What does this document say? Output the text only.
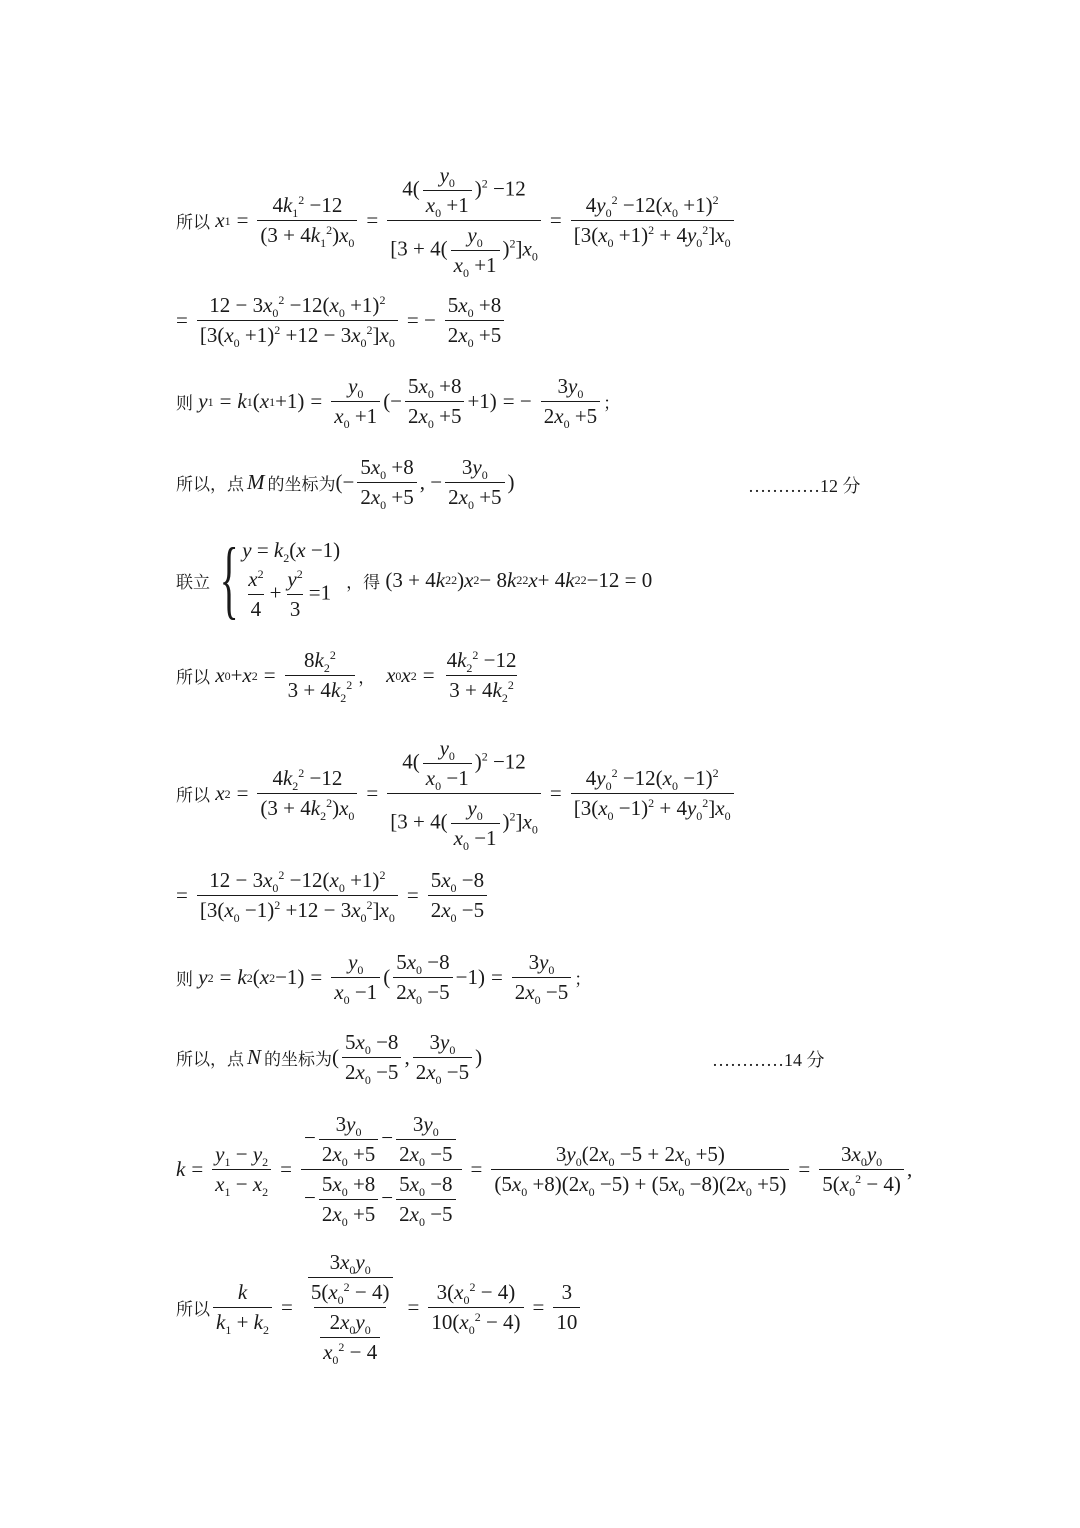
所以 x $1 = \frac{4k_1^2 -12}{(3 + 4k_1^2)x_0} = \frac{4( \frac{y_0}{x_0 +1} )^2 -12}{[3 + 4( \frac{y_0}{x_0 +1} )^2]x_0} = \frac{4y_0^2 -12(x_0 +1)^2}{[3(x_0 +1)^2 + 4y_0^2]x_0}$
= $\frac{12 - 3x_0^2 -12(x_0 +1)^2}{[3(x_0 +1)^2 +12 - 3x_0^2]x_0}$ = − $\frac{5x_0 +8}{2x_0 +5}$
则 y 1 = k 1 ( x $1 +1) = \frac{y_0}{x_0 +1}$ (− $\frac{5x_0 +8}{2x_0 +5} +1$) = − $\frac{3y_0}{2x_0 +5}$ ；
所以，点 M 的坐标为 (− $\frac{5x_0 +8}{2x_0 +5}$ , − $\frac{3y_0}{2x_0 +5}$ )	…………12 分
联立 { $y = k_2(x -1)$
$\frac{x^2}{4} + \frac{y^2}{3} =1$ ，得 (3 + 4 k 2 2 ) x 2 − 8 k 2 2 x + 4 k 2 2 −12 = 0
所以 x 0 + x $2 = \frac{8k_2^2}{3 + 4k_2^2}$ ， x 0 x $2 = \frac{4k_2^2 -12}{3 + 4k_2^2}$
所以 x $2 = \frac{4k_2^2 -12}{(3 + 4k_2^2)x_0} = \frac{4( \frac{y_0}{x_0 -1} )^2 -12}{[3 + 4( \frac{y_0}{x_0 -1} )^2]x_0} = \frac{4y_0^2 -12(x_0 -1)^2}{[3(x_0 -1)^2 + 4y_0^2]x_0}$
= $\frac{12 - 3x_0^2 -12(x_0 +1)^2}{[3(x_0 -1)^2 +12 - 3x_0^2]x_0} = \frac{5x_0 -8}{2x_0 -5}$
则 y 2 = k 2 ( x $2 -1) = \frac{y_0}{x_0 -1}$ ( $\frac{5x_0 -8}{2x_0 -5} -1) = \frac{3y_0}{2x_0 -5}$ ；
所以，点 N 的坐标为 ( $\frac{5x_0 -8}{2x_0 -5}$ , $\frac{3y_0}{2x_0 -5}$ )	…………14 分
$k = \frac{y_1 - y_2}{x_1 - x_2} = \frac{- \frac{3y_0}{2x_0 +5} - \frac{3y_0}{2x_0 -5}}{- \frac{5x_0 +8}{2x_0 +5} - \frac{5x_0 -8}{2x_0 -5}} = \frac{3y_0(2x_0 -5 + 2x_0 +5)}{(5x_0 +8)(2x_0 -5) + (5x_0 -8)(2x_0 +5)} = \frac{3x_0y_0}{5(x_0^2 - 4)}$ ,
所以 $\frac{k}{k_1 + k_2} = \frac{\frac{3x_0y_0}{5(x_0^2 - 4)}}{\frac{2x_0y_0}{x_0^2 - 4}} = \frac{3(x_0^2 - 4)}{10(x_0^2 - 4)} = \frac{3}{10}$
